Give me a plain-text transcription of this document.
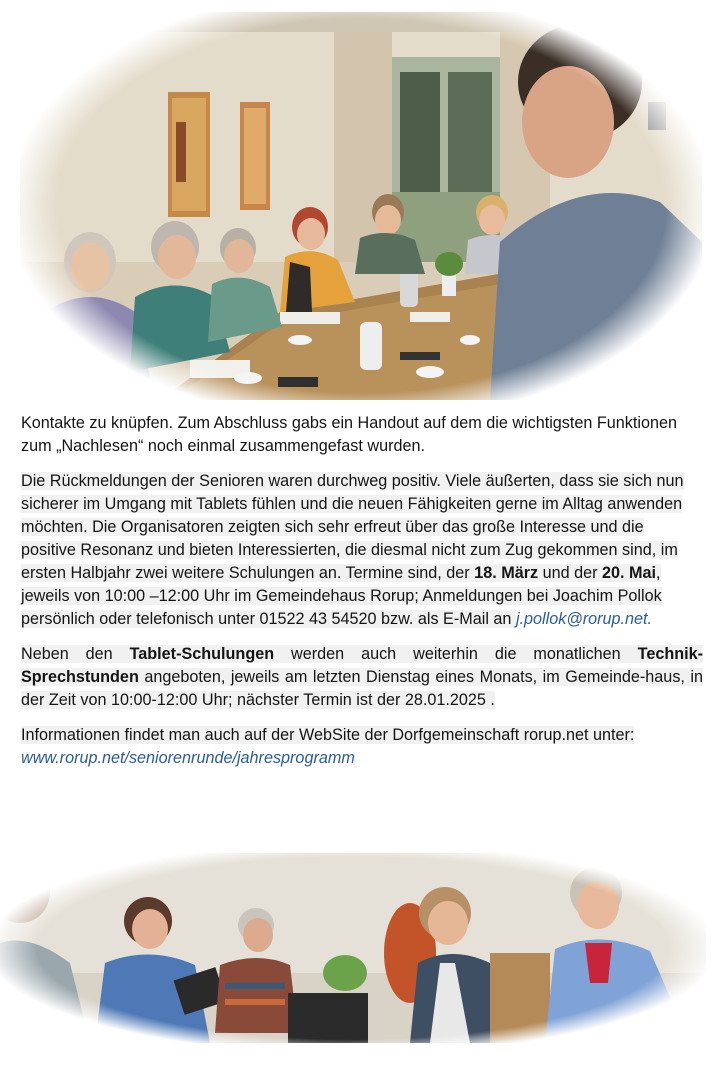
Kontakte zu knüpfen. Zum Abschluss gabs ein Handout auf dem die wichtigsten Funktionen zum „Nachlesen“ noch einmal zusammengefast wurden.

Die Rückmeldungen der Senioren waren durchweg positiv. Viele äußerten, dass sie sich nun sicherer im Umgang mit Tablets fühlen und die neuen Fähigkeiten gerne im Alltag anwenden möchten. Die Organisatoren zeigten sich sehr erfreut über das große Interesse und die positive Resonanz und bieten Interessierten, die diesmal nicht zum Zug gekommen sind, im ersten Halbjahr zwei weitere Schulungen an. Termine sind, der 18. März und der 20. Mai, jeweils von 10:00 –12:00 Uhr im Gemeindehaus Rorup; Anmeldungen bei Joachim Pollok persönlich oder telefonisch unter 01522 43 54520 bzw. als E-Mail an j.pollok@rorup.net.

Neben den Tablet-Schulungen werden auch weiterhin die monatlichen Technik-Sprechstunden angeboten, jeweils am letzten Dienstag eines Monats, im Gemeinde-haus, in der Zeit von 10:00-12:00 Uhr; nächster Termin ist der 28.01.2025 .

Informationen findet man auch auf der WebSite der Dorfgemeinschaft rorup.net unter: www.rorup.net/seniorenrunde/jahresprogramm
